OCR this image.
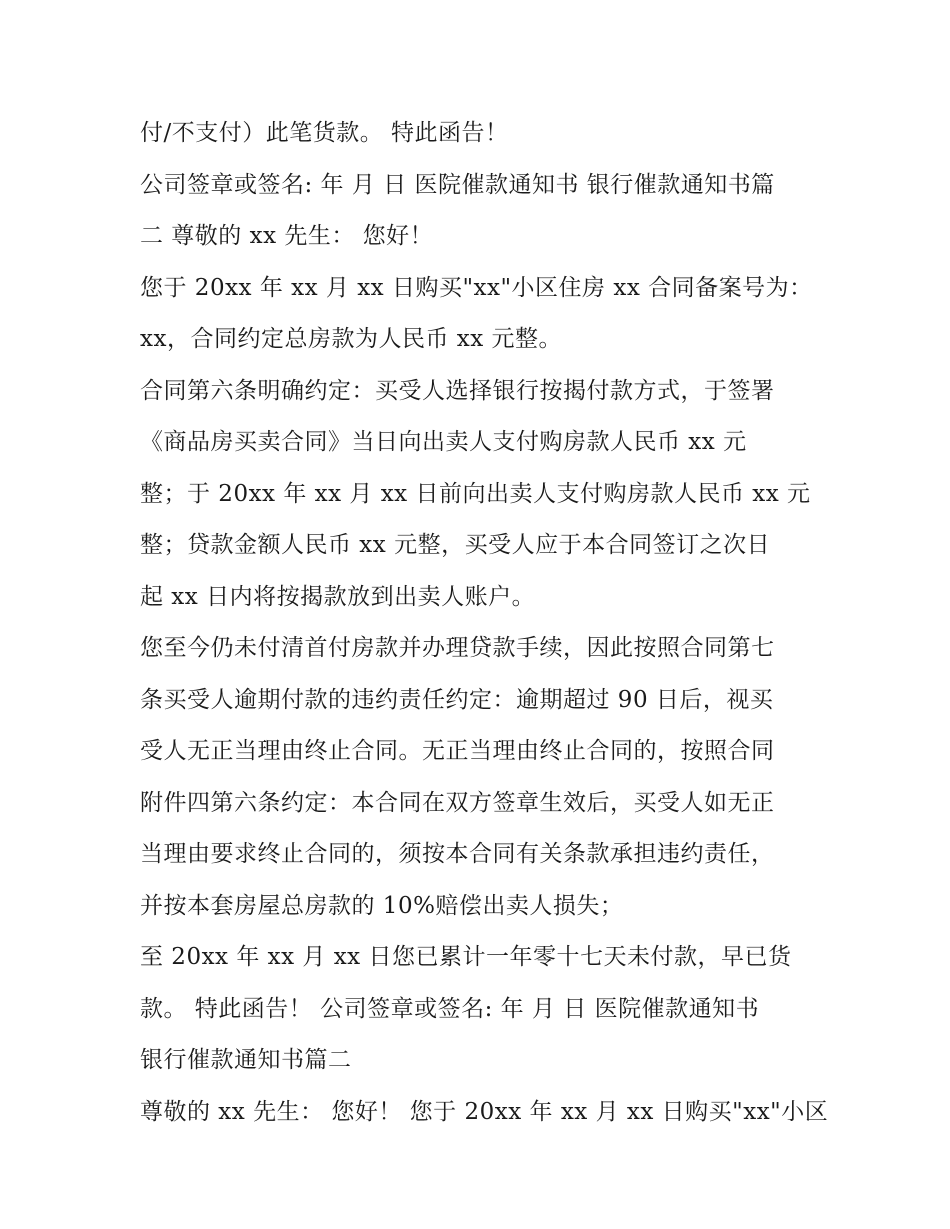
付/不支付）此笔货款。 特此函告！
公司签章或签名: 年 月 日 医院催款通知书 银行催款通知书篇
二 尊敬的 xx 先生： 您好！
您于 20xx 年 xx 月 xx 日购买"xx"小区住房 xx 合同备案号为：
xx，合同约定总房款为人民币 xx 元整。
合同第六条明确约定：买受人选择银行按揭付款方式，于签署
《商品房买卖合同》当日向出卖人支付购房款人民币 xx 元
整；于 20xx 年 xx 月 xx 日前向出卖人支付购房款人民币 xx 元
整；贷款金额人民币 xx 元整，买受人应于本合同签订之次日
起 xx 日内将按揭款放到出卖人账户。
您至今仍未付清首付房款并办理贷款手续，因此按照合同第七
条买受人逾期付款的违约责任约定：逾期超过 90 日后，视买
受人无正当理由终止合同。无正当理由终止合同的，按照合同
附件四第六条约定：本合同在双方签章生效后，买受人如无正
当理由要求终止合同的，须按本合同有关条款承担违约责任，
并按本套房屋总房款的 10%赔偿出卖人损失；
至 20xx 年 xx 月 xx 日您已累计一年零十七天未付款，早已货
款。 特此函告！ 公司签章或签名: 年 月 日 医院催款通知书
银行催款通知书篇二
尊敬的 xx 先生： 您好！ 您于 20xx 年 xx 月 xx 日购买"xx"小区
